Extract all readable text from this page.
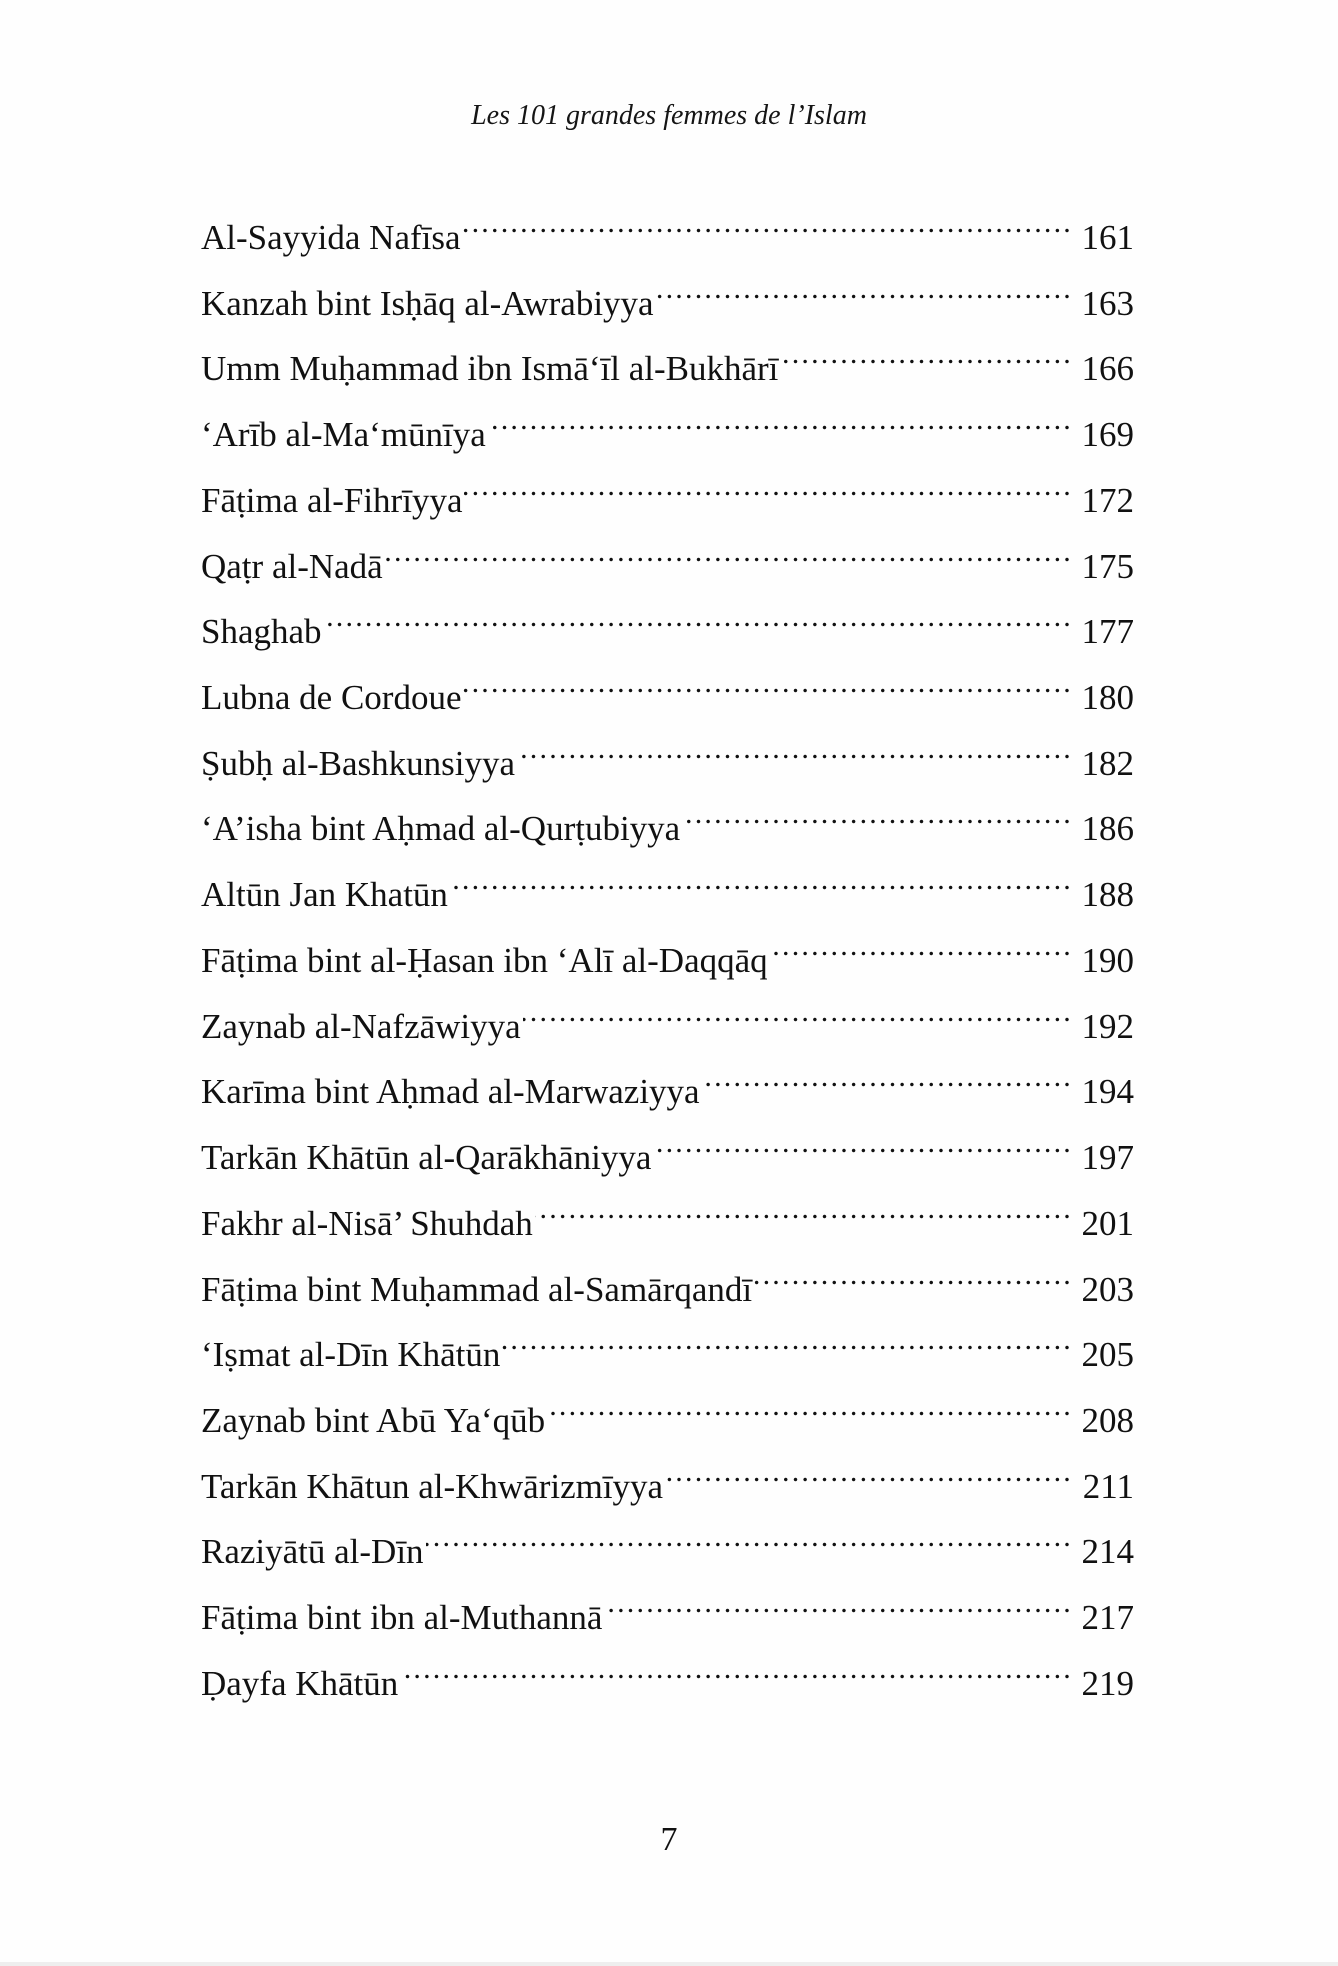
Les 101 grandes femmes de l’Islam
Al-Sayyida Nafīsa .....	161
Kanzah bint Isḥāq al-Awrabiyya .....	163
Umm Muḥammad ibn Ismā‘īl al-Bukhārī .....	166
‘Arīb al-Ma‘mūnīya .....	169
Fāṭima al-Fihrīyya .....	172
Qaṭr al-Nadā .....	175
Shaghab .....	177
Lubna de Cordoue .....	180
Ṣubḥ al-Bashkunsiyya .....	182
‘A’isha bint Aḥmad al-Qurṭubiyya .....	186
Altūn Jan Khatūn .....	188
Fāṭima bint al-Ḥasan ibn ‘Alī al-Daqqāq .....	190
Zaynab al-Nafzāwiyya .....	192
Karīma bint Aḥmad al-Marwaziyya .....	194
Tarkān Khātūn al-Qarākhāniyya .....	197
Fakhr al-Nisā’ Shuhdah .....	201
Fāṭima bint Muḥammad al-Samārqandī .....	203
‘Iṣmat al-Dīn Khātūn .....	205
Zaynab bint Abū Ya‘qūb .....	208
Tarkān Khātun al-Khwārizmīyya .....	211
Raziyātū al-Dīn .....	214
Fāṭima bint ibn al-Muthannā .....	217
Ḍayfa Khātūn .....	219
7
